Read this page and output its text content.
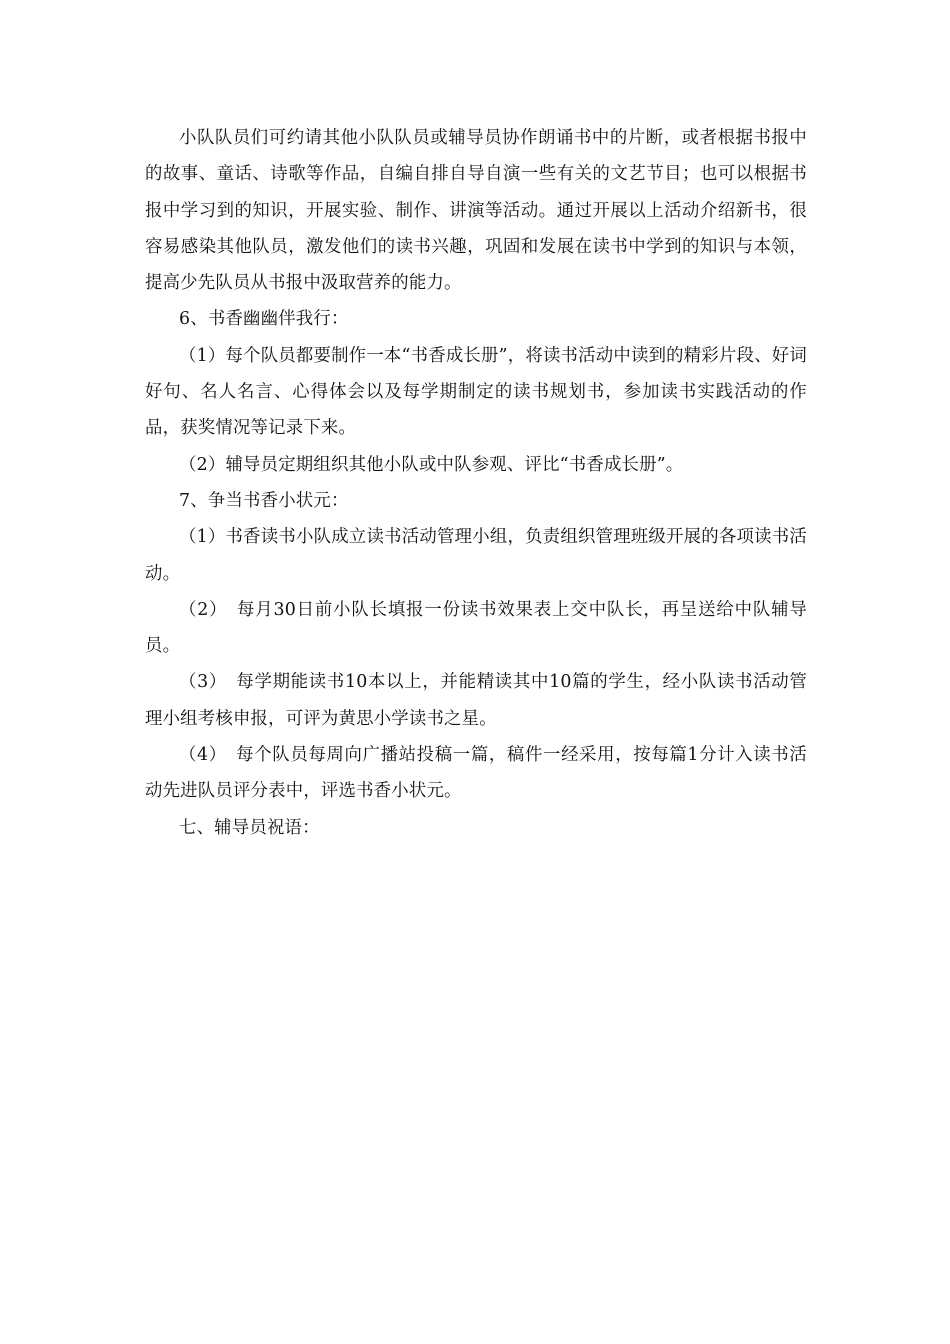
小队队员们可约请其他小队队员或辅导员协作朗诵书中的片断，或者根据书报中的故事、童话、诗歌等作品，自编自排自导自演一些有关的文艺节目；也可以根据书报中学习到的知识，开展实验、制作、讲演等活动。通过开展以上活动介绍新书，很容易感染其他队员，激发他们的读书兴趣，巩固和发展在读书中学到的知识与本领，提高少先队员从书报中汲取营养的能力。

6、书香幽幽伴我行：

（1）每个队员都要制作一本“书香成长册”，将读书活动中读到的精彩片段、好词好句、名人名言、心得体会以及每学期制定的读书规划书，参加读书实践活动的作品，获奖情况等记录下来。

（2）辅导员定期组织其他小队或中队参观、评比“书香成长册”。

7、争当书香小状元：

（1）书香读书小队成立读书活动管理小组，负责组织管理班级开展的各项读书活动。

（2）　每月30日前小队长填报一份读书效果表上交中队长，再呈送给中队辅导员。

（3）　每学期能读书10本以上，并能精读其中10篇的学生，经小队读书活动管理小组考核申报，可评为黄思小学读书之星。

（4）　每个队员每周向广播站投稿一篇，稿件一经采用，按每篇1分计入读书活动先进队员评分表中，评选书香小状元。

七、辅导员祝语：
